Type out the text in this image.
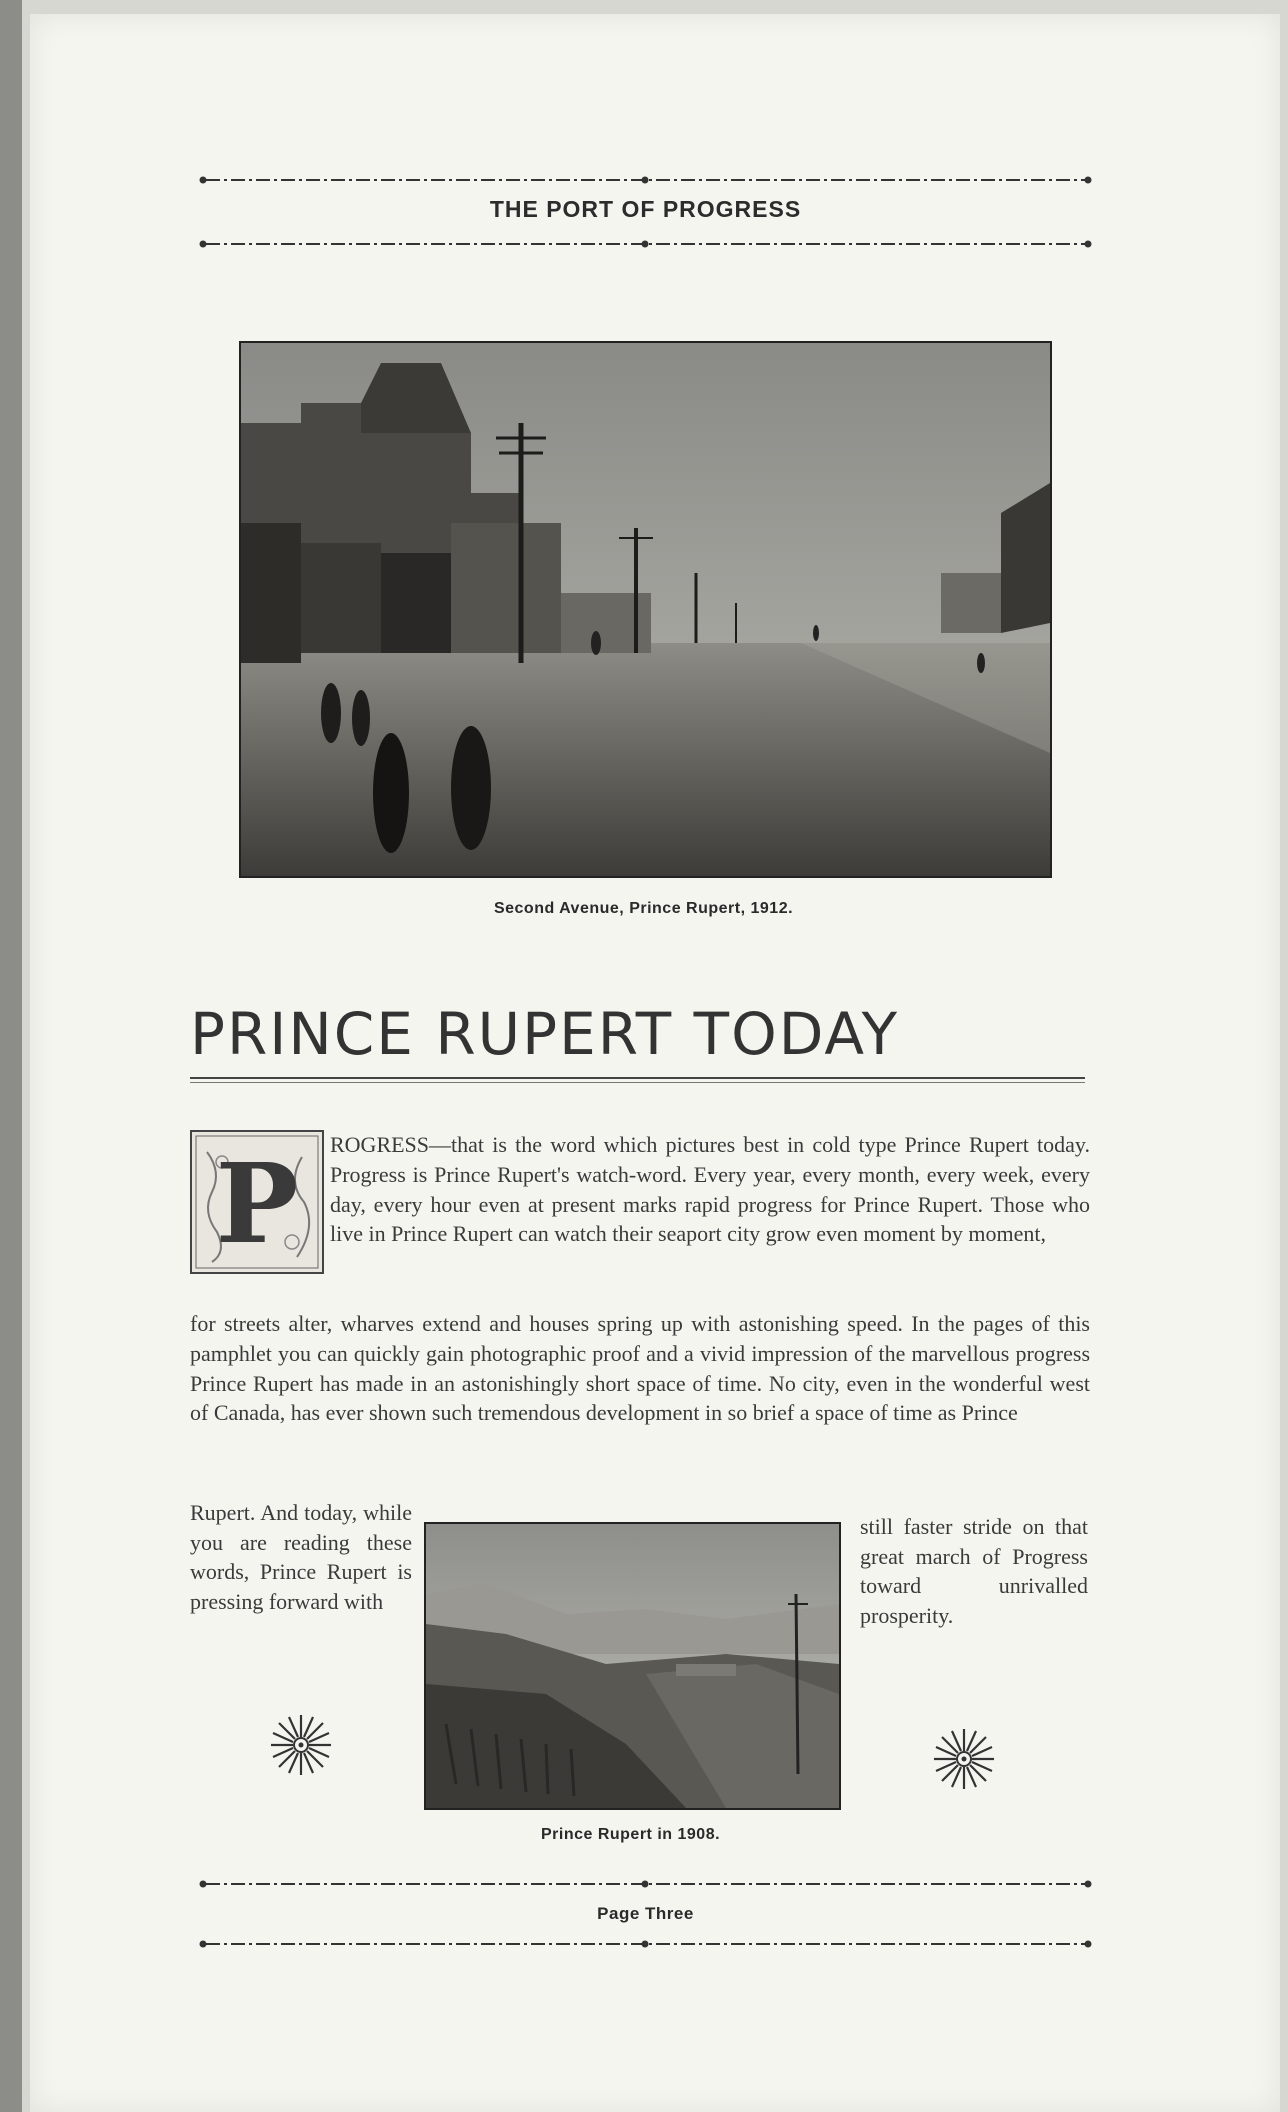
THE PORT OF PROGRESS
Second Avenue, Prince Rupert, 1912.
PRINCE RUPERT TODAY
P ROGRESS—that is the word which pictures best in cold type Prince Rupert today. Progress is Prince Rupert's watch-word. Every year, every month, every week, every day, every hour even at present marks rapid progress for Prince Rupert. Those who live in Prince Rupert can watch their seaport city grow even moment by moment,
for streets alter, wharves extend and houses spring up with astonishing speed. In the pages of this pamphlet you can quickly gain photographic proof and a vivid impression of the marvellous progress Prince Rupert has made in an astonishingly short space of time. No city, even in the wonderful west of Canada, has ever shown such tremendous development in so brief a space of time as Prince
Rupert. And today, while you are reading these words, Prince Rupert is pressing forward with
still faster stride on that great march of Progress toward unrivalled prosperity.
Prince Rupert in 1908.
Page Three
